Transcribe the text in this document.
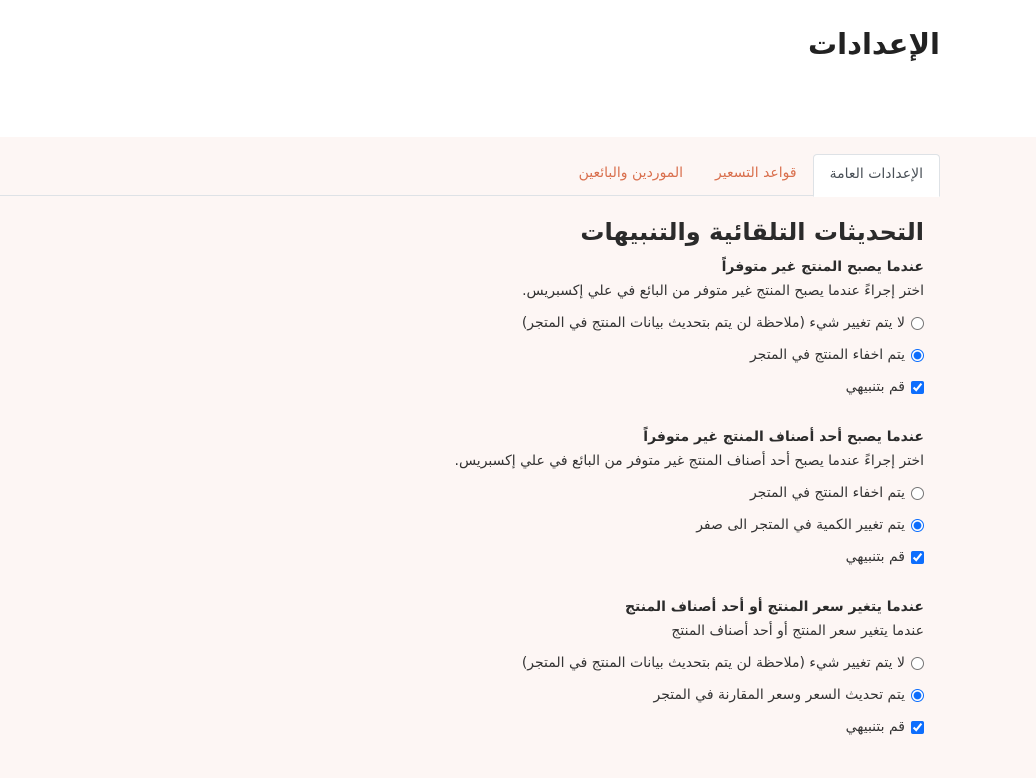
الإعدادات
الإعدادات العامة
قواعد التسعير
الموردين والبائعين
التحديثات التلقائية والتنبيهات
عندما يصبح المنتج غير متوفراً
اختر إجراءً عندما يصبح المنتج غير متوفر من البائع في علي إكسبريس.
لا يتم تغيير شيء (ملاحظة لن يتم بتحديث بيانات المنتج في المتجر)
يتم اخفاء المنتج في المتجر
قم بتنبيهي
عندما يصبح أحد أصناف المنتج غير متوفراً
اختر إجراءً عندما يصبح أحد أصناف المنتج غير متوفر من البائع في علي إكسبريس.
يتم اخفاء المنتج في المتجر
يتم تغيير الكمية في المتجر الى صفر
قم بتنبيهي
عندما يتغير سعر المنتج أو أحد أصناف المنتج
عندما يتغير سعر المنتج أو أحد أصناف المنتج
لا يتم تغيير شيء (ملاحظة لن يتم بتحديث بيانات المنتج في المتجر)
يتم تحديث السعر وسعر المقارنة في المتجر
قم بتنبيهي
